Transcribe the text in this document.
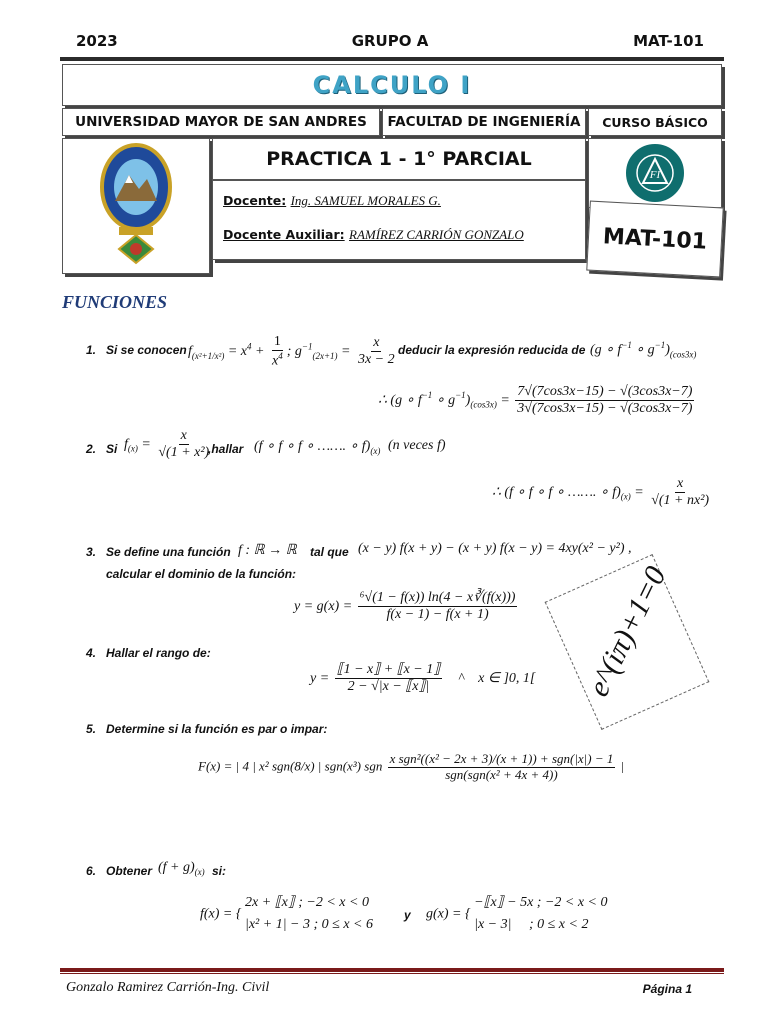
2023	GRUPO A	MAT-101
CALCULO I
UNIVERSIDAD MAYOR DE SAN ANDRES	FACULTAD DE INGENIERÍA	CURSO BÁSICO
PRACTICA 1 - 1° PARCIAL
Docente: Ing. SAMUEL MORALES G.
Docente Auxiliar: RAMÍREZ CARRIÓN GONZALO
FI
MAT-101
FUNCIONES
1. Si se conocen $f_{(x^2+1/x^2)} = x^4 + \frac{1}{x^4}$ ; $g^{-1}_{(2x+1)} = \frac{x}{3x - 2}$ deducir la expresión reducida de (g ∘ $f^{-1}$ ∘ $g^{-1})_{(cos3x)}$
∴ (g ∘ $f^{-1}$ ∘ $g^{-1})_{(cos3x)} = \frac{7√(7\cos 3x-15) - √(3\cos 3x-7)}{3√(7\cos 3x-15) - √(3\cos 3x-7)}$
2. Si $f_{(x)} = \frac{x}{\text{√(1 + x²)}}$
,hallar (f ∘ f ∘ f ∘ ……. ∘ $f)_{(x)}$ (n veces f)
∴ (f ∘ f ∘ f ∘ ……. ∘ $f)_{(x)} = \frac{x}{\text{√(1 + nx²)}}$
3. Se define una función f : ℝ → ℝ tal que (x − y) f(x + y) − (x + y) f(x − y) = 4xy(x² − y²) ,
calcular el dominio de la función:
$y = g(x) = \frac{\text{⁶√(1 − f(x)) ln(4 − x∛(f(x)))}}{f(x - 1) - f(x + 1)}$ e^(iπ)+1=0
4. Hallar el rango de:
$y = \frac{⟦1 - x⟧ + ⟦x - 1⟧}{2 - √|x - ⟦x⟧|}$ ^    x ∈ ]0, 1[
5. Determine si la función es par o impar:
F(x) = | 4 | x² sgn(8/x) | sgn(x³) sgn $\frac{\text{x sgn²((x² − 2x + 3)/(x + 1)) + sgn(|x|) − 1}}{\text{sgn(sgn(x² + 4x + 4))}}$ |
6. Obtener $(f + g)_{(x)}$ si:
f(x) = { 2x + ⟦x⟧ ; −2 < x < 0
|x² + 1| − 3 ; 0 ≤ x < 6
y g(x) = { −⟦x⟧ − 5x ; −2 < x < 0
|x − 3|     ; 0 ≤ x < 2
Gonzalo Ramirez Carrión-Ing. Civil	Página 1
